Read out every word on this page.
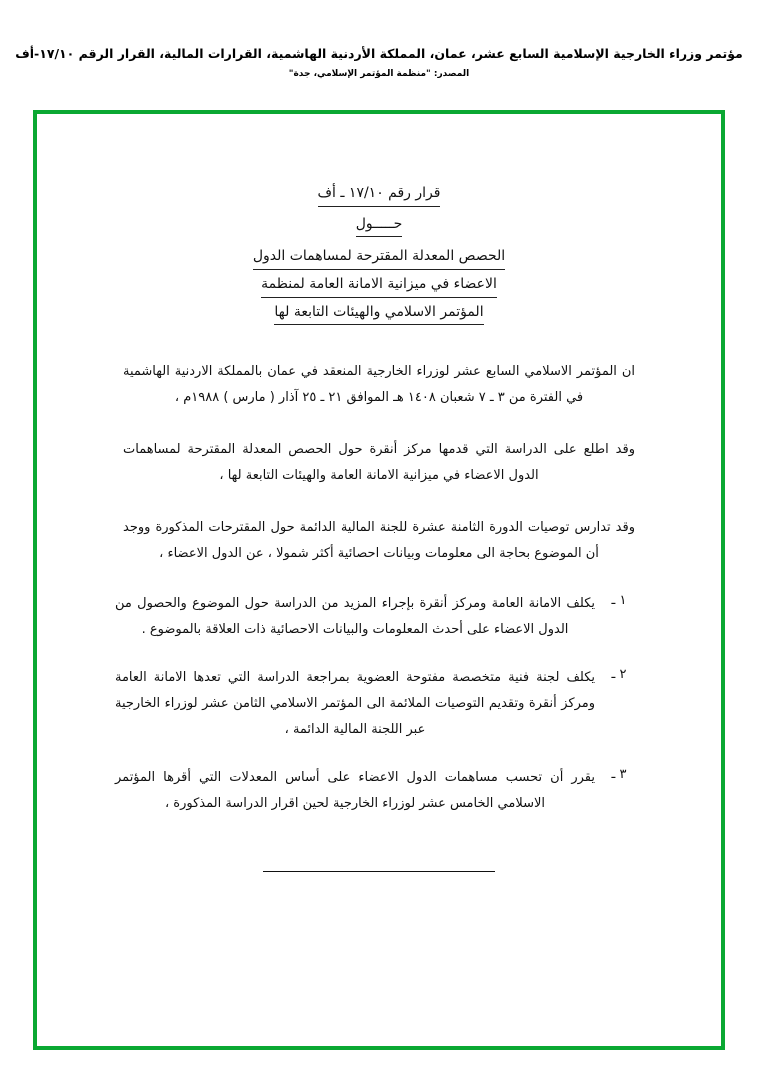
مؤتمر وزراء الخارجية الإسلامية السابع عشر، عمان، المملكة الأردنية الهاشمية، القرارات المالية، القرار الرقم ١٧/١٠-أف
المصدر: "منظمة المؤتمر الإسلامي، جدة"
قرار رقم ١٧/١٠ ـ أف
حـــــول
الحصص المعدلة المقترحة لمساهمات الدول
الاعضاء في ميزانية الامانة العامة لمنظمة
المؤتمر الاسلامي والهيئات التابعة لها
ان المؤتمر الاسلامي السابع عشر لوزراء الخارجية المنعقد في عمان بالمملكة الاردنية الهاشمية في الفترة من ٣ ـ ٧ شعبان ١٤٠٨ هـ الموافق ٢١ ـ ٢٥ آذار ( مارس ) ١٩٨٨م ،
وقد اطلع على الدراسة التي قدمها مركز أنقرة حول الحصص المعدلة المقترحة لمساهمات الدول الاعضاء في ميزانية الامانة العامة والهيئات التابعة لها ،
وقد تدارس توصيات الدورة الثامنة عشرة للجنة المالية الدائمة حول المقترحات المذكورة ووجد أن الموضوع بحاجة الى معلومات وبيانات احصائية أكثر شمولا ، عن الدول الاعضاء ،
١ ـ
يكلف الامانة العامة ومركز أنقرة بإجراء المزيد من الدراسة حول الموضوع والحصول من الدول الاعضاء على أحدث المعلومات والبيانات الاحصائية ذات العلاقة بالموضوع .
٢ ـ
يكلف لجنة فنية متخصصة مفتوحة العضوية بمراجعة الدراسة التي تعدها الامانة العامة ومركز أنقرة وتقديم التوصيات الملائمة الى المؤتمر الاسلامي الثامن عشر لوزراء الخارجية عبر اللجنة المالية الدائمة ،
٣ ـ
يقرر أن تحسب مساهمات الدول الاعضاء على أساس المعدلات التي أقرها المؤتمر الاسلامي الخامس عشر لوزراء الخارجية لحين اقرار الدراسة المذكورة ،
